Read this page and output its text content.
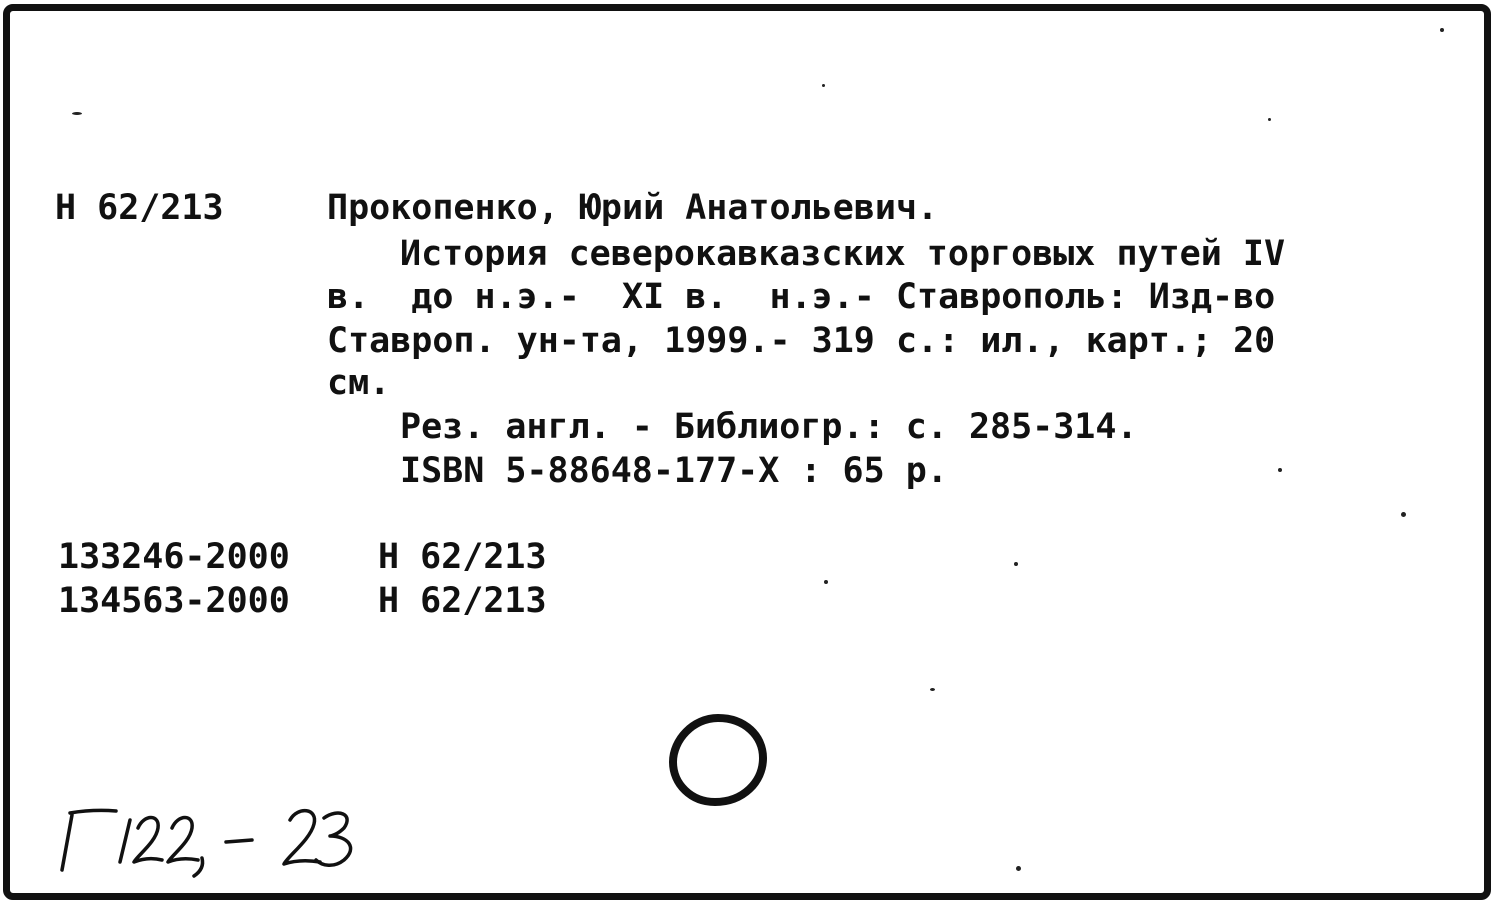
Н 62/213	Прокопенко, Юрий Анатольевич.

История северокавказских торговых путей IV

в.  до н.э.-  XI в.  н.э.- Ставрополь: Изд-во

Ставроп. ун-та, 1999.- 319 с.: ил., карт.; 20

см.

Рез. англ. - Библиогр.: с. 285-314.

ISBN 5-88648-177-X : 65 р.

133246-2000	Н 62/213

134563-2000	Н 62/213
